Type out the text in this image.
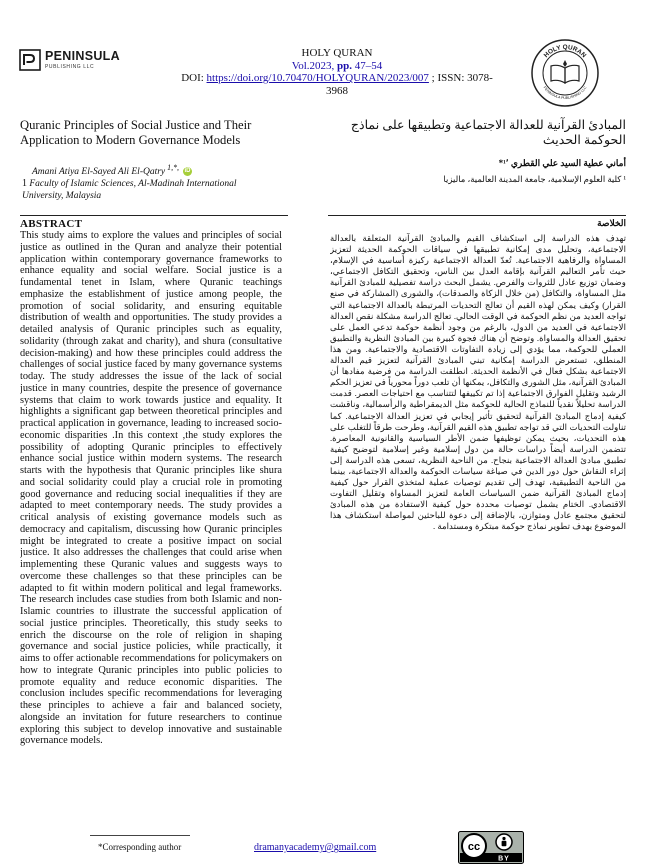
PENINSULA
PUBLISHING LLC
HOLY QURAN
Vol.2023, pp. 47–54
DOI: https://doi.org/10.70470/HOLYQURAN/2023/007 ; ISSN: 3078-3968
HOLY QURAN
PENINSULA PUBLISHING LLC
Quranic Principles of Social Justice and Their Application to Modern Governance Models
المبادئ القرآنية للعدالة الاجتماعية وتطبيقها على نماذج الحوكمة الحديث
Amani Atiya El-Sayed Ali El-Qatry $^{1,*,}$ iD
1 Faculty of Islamic Sciences, Al-Madinah International University, Malaysia
أماني عطية السيد علي القطري ¹٬*
¹ كلية العلوم الإسلامية، جامعة المدينة العالمية، ماليزيا
ABSTRACT

This study aims to explore the values and principles of social justice as outlined in the Quran and analyze their potential application within contemporary governance frameworks to enhance equality and social welfare. Social justice is a fundamental tenet in Islam, where Quranic teachings emphasize the establishment of justice among people, the promotion of social solidarity, and ensuring equitable distribution of wealth and opportunities. The study provides a detailed analysis of Quranic principles such as equality, solidarity (through zakat and charity), and shura (consultative decision-making) and how these principles could address the challenges of social justice faced by many governance systems today. The study addresses the issue of the lack of social justice in many countries, despite the presence of governance systems that claim to work towards justice and equality. It highlights a significant gap between theoretical principles and practical application in governance, leading to increased socio-economic disparities .In this context ,the study explores the possibility of adopting Quranic principles to effectively enhance social justice within modern systems. The research starts with the hypothesis that Quranic principles like shura and social solidarity could play a crucial role in promoting good governance and reducing social inequalities if they are adapted to meet contemporary needs. The study provides a critical analysis of existing governance models such as democracy and capitalism, discussing how Quranic principles might be integrated to create a positive impact on social justice. It also addresses the challenges that could arise when implementing these Quranic values and suggests ways to overcome these challenges so that these principles can be adapted to fit within modern political and legal frameworks. The research includes case studies from both Islamic and non-Islamic countries to illustrate the successful application of social justice principles. Theoretically, this study seeks to enrich the discourse on the role of religion in shaping governance and social justice policies, while practically, it aims to offer actionable recommendations for policymakers on how to integrate Quranic principles into public policies to promote equality and reduce economic disparities. The conclusion includes specific recommendations for leveraging these principles to achieve a fair and balanced society, alongside an invitation for future researchers to continue exploring this subject to develop innovative and sustainable governance models.

الخلاصة

تهدف هذه الدراسة إلى استكشاف القيم والمبادئ القرآنية المتعلقة بالعدالة الاجتماعية، وتحليل مدى إمكانية تطبيقها في سياقات الحوكمة الحديثة لتعزيز المساواة والرفاهية الاجتماعية. تُعدّ العدالة الاجتماعية ركيزة أساسية في الإسلام، حيث تأمر التعاليم القرآنية بإقامة العدل بين الناس، وتحقيق التكافل الاجتماعي، وضمان توزيع عادل للثروات والفرص. يشمل البحث دراسة تفصيلية للمبادئ القرآنية مثل المساواة، والتكافل (من خلال الزكاة والصدقات)، والشورى (المشاركة في صنع القرار) وكيف يمكن لهذه القيم أن تعالج التحديات المرتبطة بالعدالة الاجتماعية التي تواجه العديد من نظم الحوكمة في الوقت الحالي. تعالج الدراسة مشكلة نقص العدالة الاجتماعية في العديد من الدول، بالرغم من وجود أنظمة حوكمة تدعي العمل على تحقيق العدالة والمساواة. وتوضح أن هناك فجوة كبيرة بين المبادئ النظرية والتطبيق العملي للحوكمة، مما يؤدي إلى زيادة التفاوتات الاقتصادية والاجتماعية. ومن هذا المنطلق، تستعرض الدراسة إمكانية تبني المبادئ القرآنية لتعزيز قيم العدالة الاجتماعية بشكل فعال في الأنظمة الحديثة. انطلقت الدراسة من فرضية مفادها أن المبادئ القرآنية، مثل الشورى والتكافل، يمكنها أن تلعب دوراً محورياً في تعزيز الحكم الرشيد وتقليل الفوارق الاجتماعية إذا تم تكييفها لتتناسب مع احتياجات العصر. قدمت الدراسة تحليلاً نقدياً للنماذج الحالية للحوكمة مثل الديمقراطية والرأسمالية، وناقشت كيفية إدماج المبادئ القرآنية لتحقيق تأثير إيجابي في تعزيز العدالة الاجتماعية. كما تناولت التحديات التي قد تواجه تطبيق هذه القيم القرآنية، وطرحت طرقاً للتغلب على هذه التحديات، بحيث يمكن توظيفها ضمن الأطر السياسية والقانونية المعاصرة. تتضمن الدراسة أيضاً دراسات حالة من دول إسلامية وغير إسلامية لتوضيح كيفية تطبيق مبادئ العدالة الاجتماعية بنجاح. من الناحية النظرية، تسعى هذه الدراسة إلى إثراء النقاش حول دور الدين في صياغة سياسات الحوكمة والعدالة الاجتماعية، بينما من الناحية التطبيقية، تهدف إلى تقديم توصيات عملية لمتخذي القرار حول كيفية إدماج المبادئ القرآنية ضمن السياسات العامة لتعزيز المساواة وتقليل التفاوت الاقتصادي. الختام يشمل توصيات محددة حول كيفية الاستفادة من هذه المبادئ لتحقيق مجتمع عادل ومتوازن، بالإضافة إلى دعوة للباحثين لمواصلة استكشاف هذا الموضوع بهدف تطوير نماذج حوكمة مبتكرة ومستدامة .

*Corresponding author	dramanyacademy@gmail.com	cc
BY
